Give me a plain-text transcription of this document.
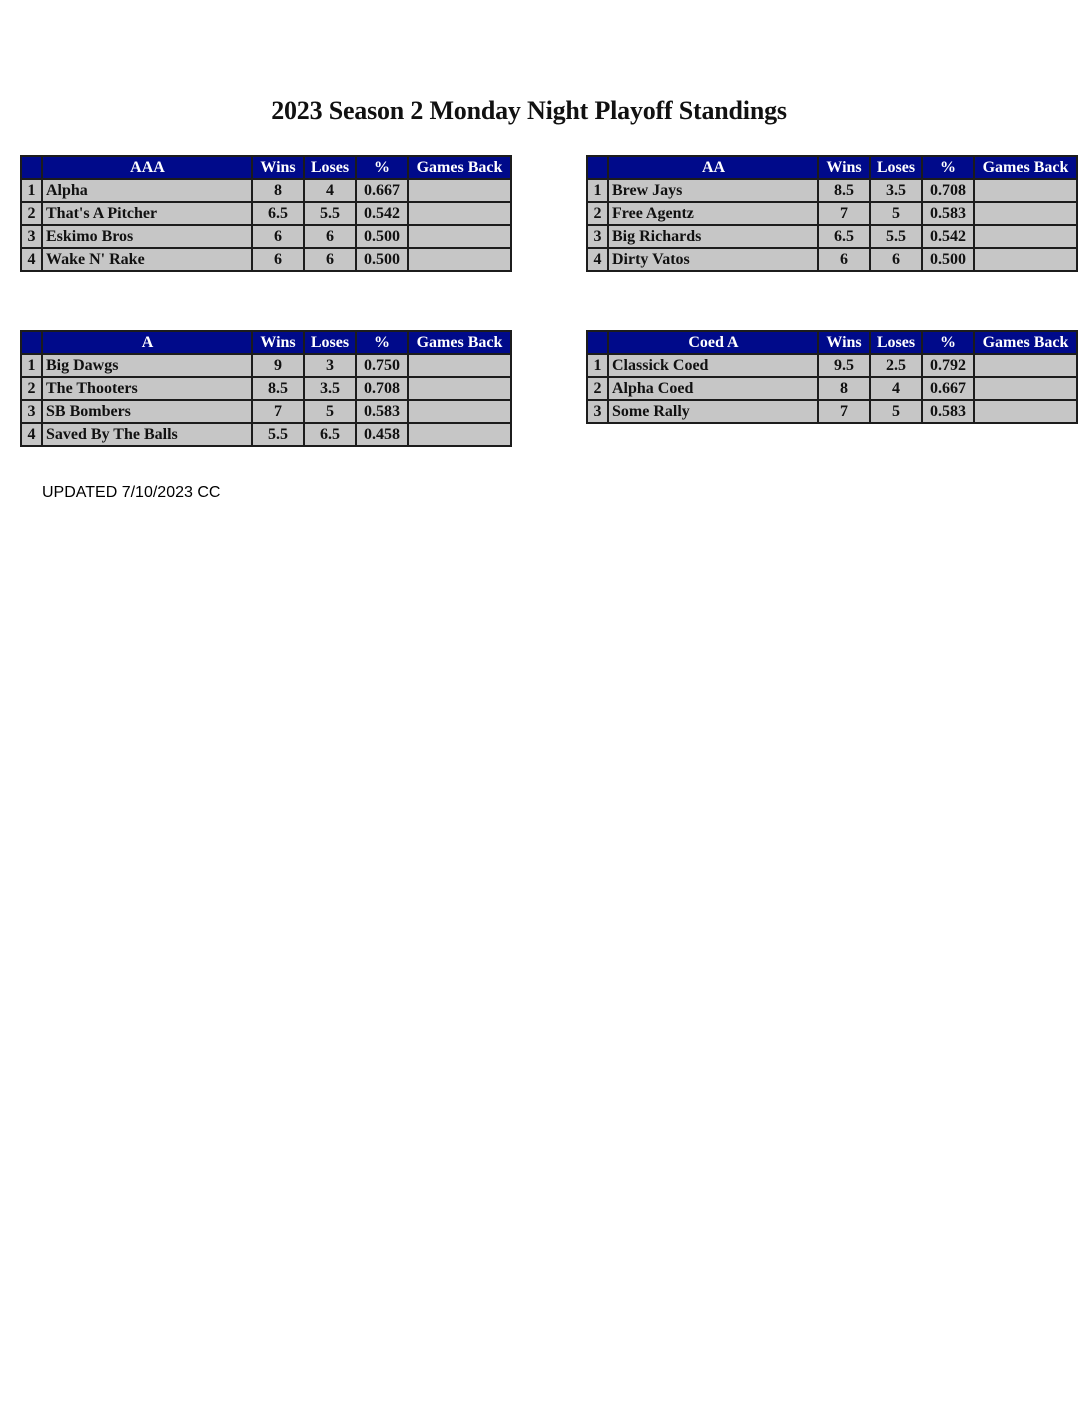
2023 Season 2 Monday Night Playoff Standings
	AAA	Wins	Loses	%	Games Back
1	Alpha	8	4	0.667	
2	That's A Pitcher	6.5	5.5	0.542	
3	Eskimo Bros	6	6	0.500	
4	Wake N' Rake	6	6	0.500	
	AA	Wins	Loses	%	Games Back
1	Brew Jays	8.5	3.5	0.708	
2	Free Agentz	7	5	0.583	
3	Big Richards	6.5	5.5	0.542	
4	Dirty Vatos	6	6	0.500	
	A	Wins	Loses	%	Games Back
1	Big Dawgs	9	3	0.750	
2	The Thooters	8.5	3.5	0.708	
3	SB Bombers	7	5	0.583	
4	Saved By The Balls	5.5	6.5	0.458	
	Coed A	Wins	Loses	%	Games Back
1	Classick Coed	9.5	2.5	0.792	
2	Alpha Coed	8	4	0.667	
3	Some Rally	7	5	0.583	
UPDATED 7/10/2023 CC
